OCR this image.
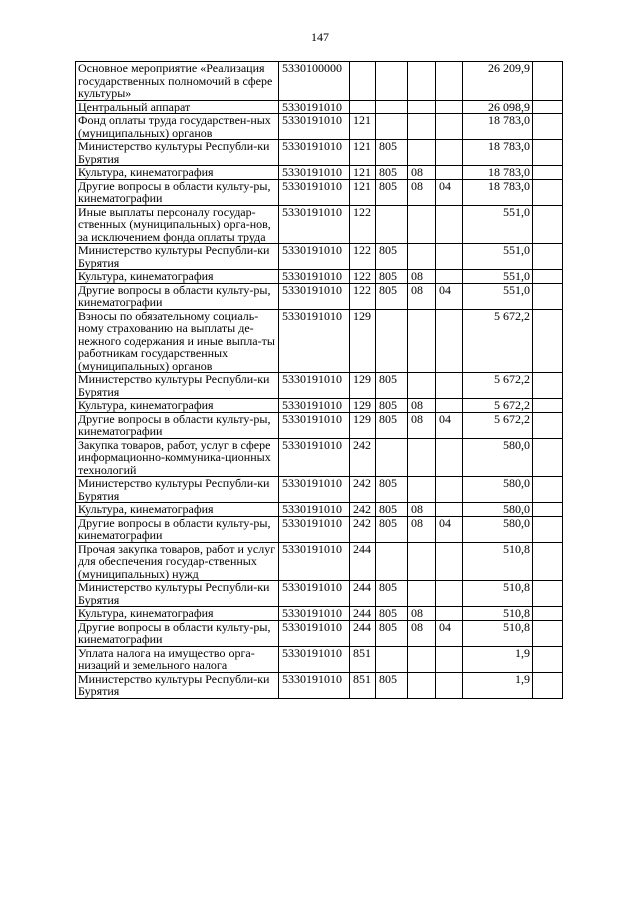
147
Основное мероприятие «Реализация государственных полномочий в сфере культуры»	5330100000					26 209,9	
Центральный аппарат	5330191010					26 098,9	
Фонд оплаты труда государствен-ных (муниципальных) органов	5330191010	121				18 783,0	
Министерство культуры Республи-ки Бурятия	5330191010	121	805			18 783,0	
Культура, кинематография	5330191010	121	805	08		18 783,0	
Другие вопросы в области культу-ры, кинематографии	5330191010	121	805	08	04	18 783,0	
Иные выплаты персоналу государ-ственных (муниципальных) орга-нов, за исключением фонда оплаты труда	5330191010	122				551,0	
Министерство культуры Республи-ки Бурятия	5330191010	122	805			551,0	
Культура, кинематография	5330191010	122	805	08		551,0	
Другие вопросы в области культу-ры, кинематографии	5330191010	122	805	08	04	551,0	
Взносы по обязательному социаль-ному страхованию на выплаты де-нежного содержания и иные выпла-ты работникам государственных (муниципальных) органов	5330191010	129				5 672,2	
Министерство культуры Республи-ки Бурятия	5330191010	129	805			5 672,2	
Культура, кинематография	5330191010	129	805	08		5 672,2	
Другие вопросы в области культу-ры, кинематографии	5330191010	129	805	08	04	5 672,2	
Закупка товаров, работ, услуг в сфере информационно-коммуника-ционных технологий	5330191010	242				580,0	
Министерство культуры Республи-ки Бурятия	5330191010	242	805			580,0	
Культура, кинематография	5330191010	242	805	08		580,0	
Другие вопросы в области культу-ры, кинематографии	5330191010	242	805	08	04	580,0	
Прочая закупка товаров, работ и услуг для обеспечения государ-ственных (муниципальных) нужд	5330191010	244				510,8	
Министерство культуры Республи-ки Бурятия	5330191010	244	805			510,8	
Культура, кинематография	5330191010	244	805	08		510,8	
Другие вопросы в области культу-ры, кинематографии	5330191010	244	805	08	04	510,8	
Уплата налога на имущество орга-низаций и земельного налога	5330191010	851				1,9	
Министерство культуры Республи-ки Бурятия	5330191010	851	805			1,9	
